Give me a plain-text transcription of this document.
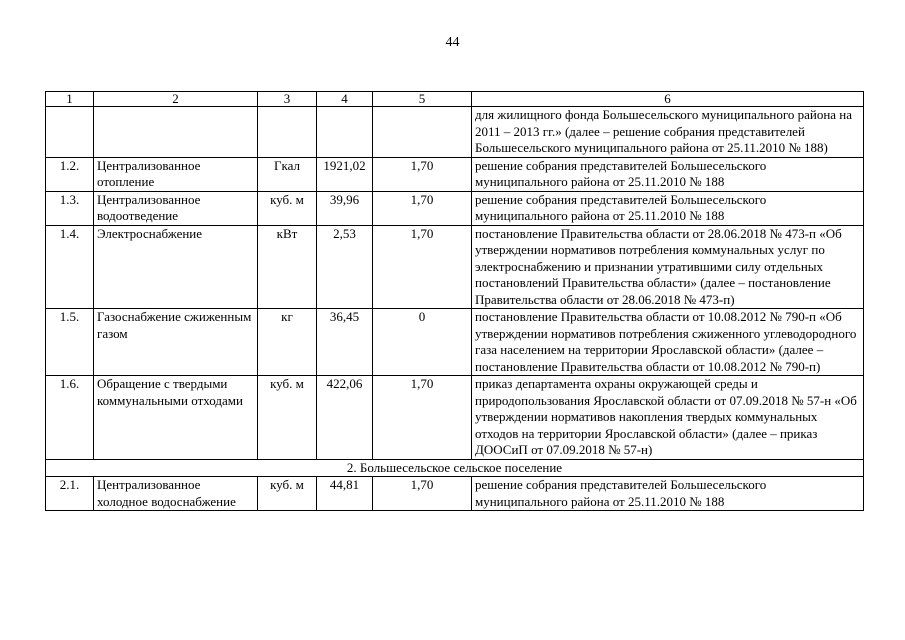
44
1	2	3	4	5	6
					для жилищного фонда Большесельского муниципального района на 2011 – 2013 гг.» (далее – решение собрания представителей Большесельского муниципального района от 25.11.2010 № 188)
1.2.	Централизованное отопление	Гкал	1921,02	1,70	решение собрания представителей Большесельского муниципального района от 25.11.2010 № 188
1.3.	Централизованное водоотведение	куб. м	39,96	1,70	решение собрания представителей Большесельского муниципального района от 25.11.2010 № 188
1.4.	Электроснабжение	кВт	2,53	1,70	постановление Правительства области от 28.06.2018 № 473-п «Об утверждении нормативов потребления коммунальных услуг по электроснабжению и признании утратившими силу отдельных постановлений Правительства области» (далее – постановление Правительства области от 28.06.2018 № 473-п)
1.5.	Газоснабжение сжиженным газом	кг	36,45	0	постановление Правительства области от 10.08.2012 № 790-п «Об утверждении нормативов потребления сжиженного углеводородного газа населением на территории Ярославской области» (далее – постановление Правительства области от 10.08.2012 № 790-п)
1.6.	Обращение с твердыми коммунальными отходами	куб. м	422,06	1,70	приказ департамента охраны окружающей среды и природопользования Ярославской области от 07.09.2018 № 57-н «Об утверждении нормативов накопления твердых коммунальных отходов на территории Ярославской области» (далее – приказ ДООСиП от 07.09.2018 № 57-н)
2. Большесельское сельское поселение					
2.1.	Централизованное холодное водоснабжение	куб. м	44,81	1,70	решение собрания представителей Большесельского муниципального района от 25.11.2010 № 188
